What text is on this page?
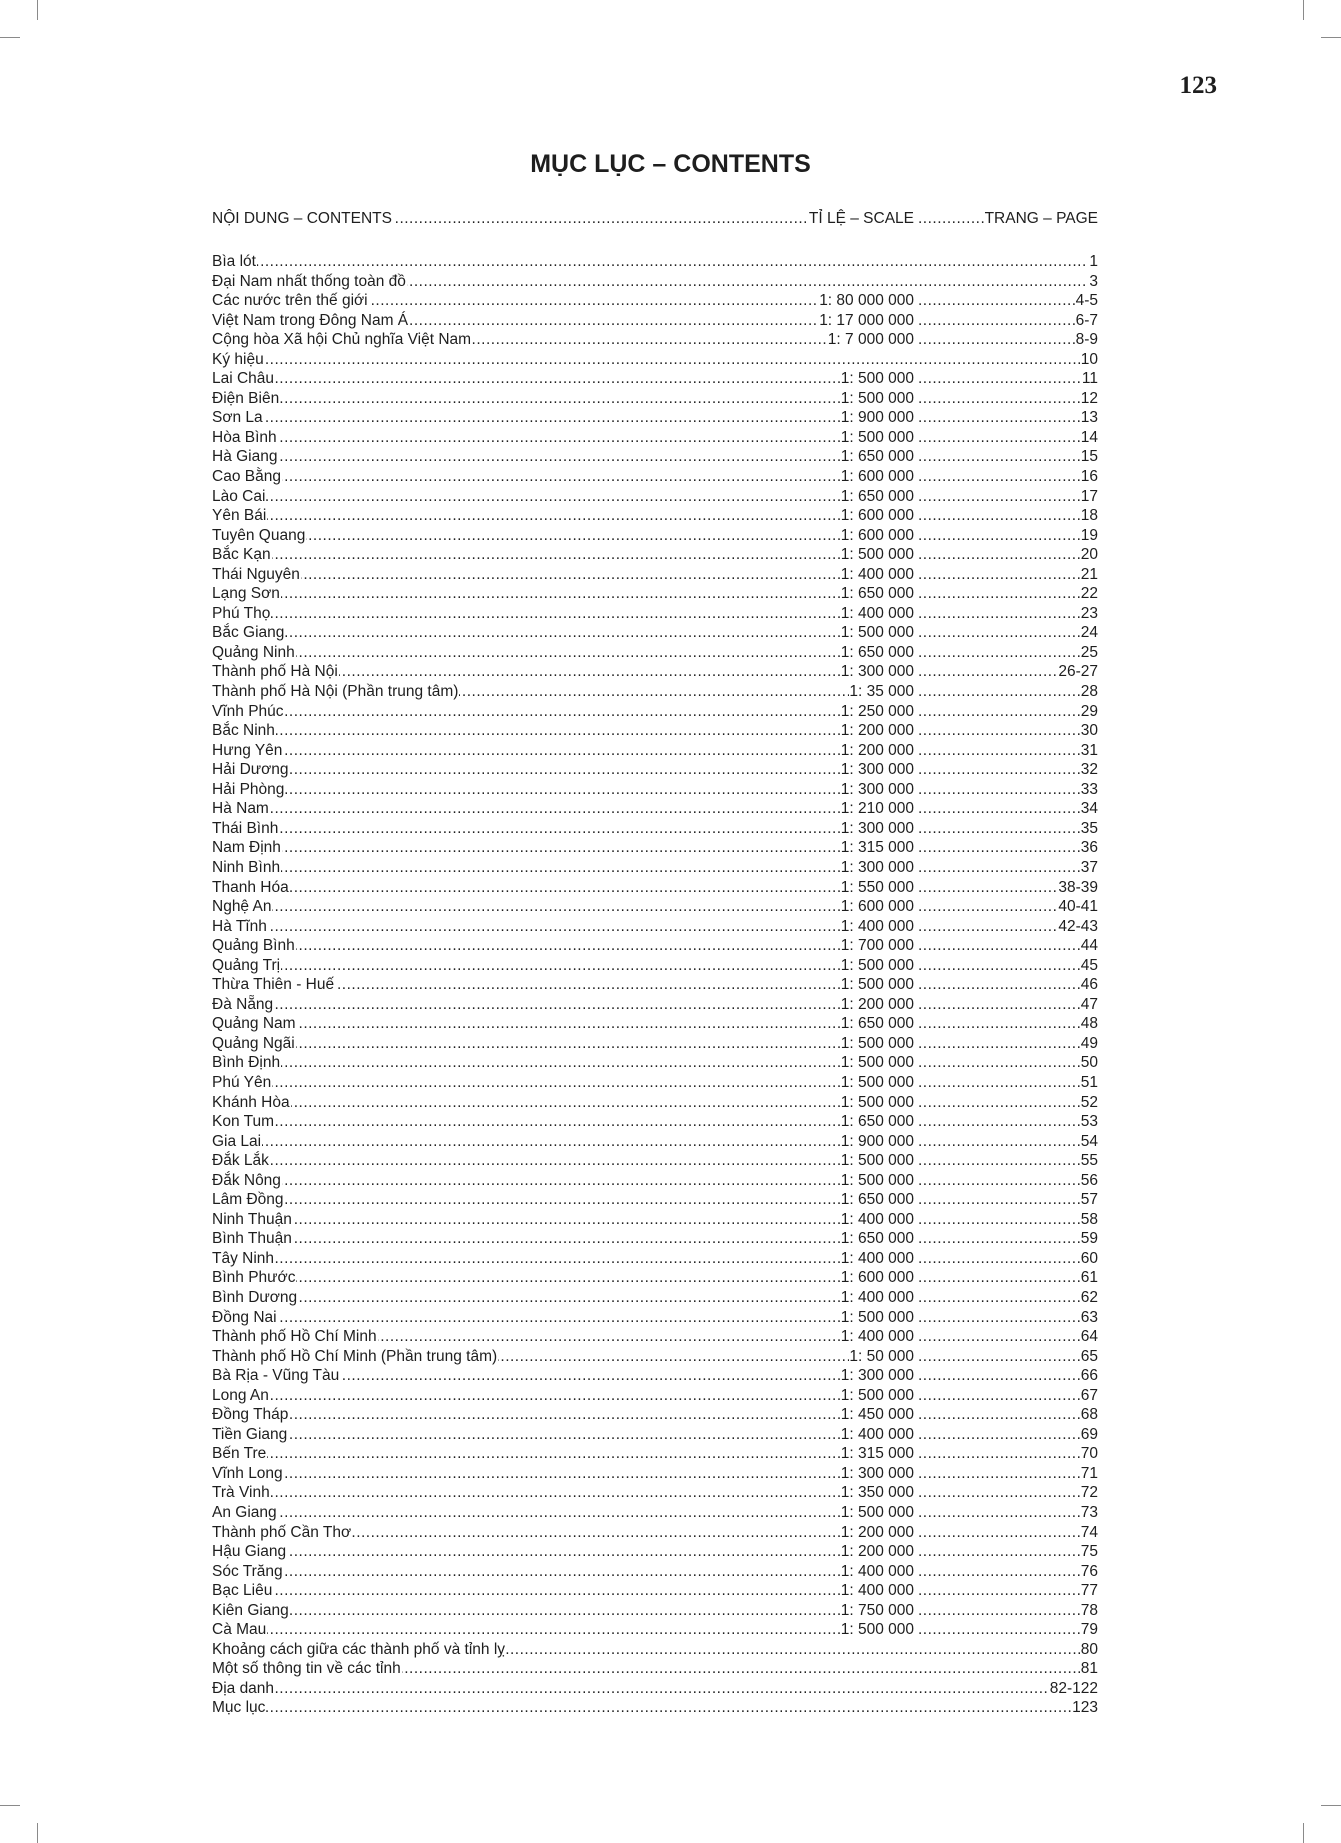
123
MỤC LỤC – CONTENTS
.....
.....
NỘI DUNG – CONTENTS	TỈ LỆ – SCALE	TRANG – PAGE
.....
Bìa lót	1
.....
Đại Nam nhất thống toàn đồ	3
.....
.....
Các nước trên thế giới	1: 80 000 000	4-5
.....
.....
Việt Nam trong Đông Nam Á	1: 17 000 000	6-7
.....
.....
Cộng hòa Xã hội Chủ nghĩa Việt Nam	1: 7 000 000	8-9
.....
Ký hiệu	10
.....
.....
Lai Châu	1: 500 000	11
.....
.....
Điện Biên	1: 500 000	12
.....
.....
Sơn La	1: 900 000	13
.....
.....
Hòa Bình	1: 500 000	14
.....
.....
Hà Giang	1: 650 000	15
.....
.....
Cao Bằng	1: 600 000	16
.....
.....
Lào Cai	1: 650 000	17
.....
.....
Yên Bái	1: 600 000	18
.....
.....
Tuyên Quang	1: 600 000	19
.....
.....
Bắc Kạn	1: 500 000	20
.....
.....
Thái Nguyên	1: 400 000	21
.....
.....
Lạng Sơn	1: 650 000	22
.....
.....
Phú Thọ	1: 400 000	23
.....
.....
Bắc Giang	1: 500 000	24
.....
.....
Quảng Ninh	1: 650 000	25
.....
.....
Thành phố Hà Nội	1: 300 000	26-27
.....
.....
Thành phố Hà Nội (Phần trung tâm)	1: 35 000	28
.....
.....
Vĩnh Phúc	1: 250 000	29
.....
.....
Bắc Ninh	1: 200 000	30
.....
.....
Hưng Yên	1: 200 000	31
.....
.....
Hải Dương	1: 300 000	32
.....
.....
Hải Phòng	1: 300 000	33
.....
.....
Hà Nam	1: 210 000	34
.....
.....
Thái Bình	1: 300 000	35
.....
.....
Nam Định	1: 315 000	36
.....
.....
Ninh Bình	1: 300 000	37
.....
.....
Thanh Hóa	1: 550 000	38-39
.....
.....
Nghệ An	1: 600 000	40-41
.....
.....
Hà Tĩnh	1: 400 000	42-43
.....
.....
Quảng Bình	1: 700 000	44
.....
.....
Quảng Trị	1: 500 000	45
.....
.....
Thừa Thiên - Huế	1: 500 000	46
.....
.....
Đà Nẵng	1: 200 000	47
.....
.....
Quảng Nam	1: 650 000	48
.....
.....
Quảng Ngãi	1: 500 000	49
.....
.....
Bình Định	1: 500 000	50
.....
.....
Phú Yên	1: 500 000	51
.....
.....
Khánh Hòa	1: 500 000	52
.....
.....
Kon Tum	1: 650 000	53
.....
.....
Gia Lai	1: 900 000	54
.....
.....
Đắk Lắk	1: 500 000	55
.....
.....
Đắk Nông	1: 500 000	56
.....
.....
Lâm Đồng	1: 650 000	57
.....
.....
Ninh Thuận	1: 400 000	58
.....
.....
Bình Thuận	1: 650 000	59
.....
.....
Tây Ninh	1: 400 000	60
.....
.....
Bình Phước	1: 600 000	61
.....
.....
Bình Dương	1: 400 000	62
.....
.....
Đồng Nai	1: 500 000	63
.....
.....
Thành phố Hồ Chí Minh	1: 400 000	64
.....
.....
Thành phố Hồ Chí Minh (Phần trung tâm)	1: 50 000	65
.....
.....
Bà Rịa - Vũng Tàu	1: 300 000	66
.....
.....
Long An	1: 500 000	67
.....
.....
Đồng Tháp	1: 450 000	68
.....
.....
Tiền Giang	1: 400 000	69
.....
.....
Bến Tre	1: 315 000	70
.....
.....
Vĩnh Long	1: 300 000	71
.....
.....
Trà Vinh	1: 350 000	72
.....
.....
An Giang	1: 500 000	73
.....
.....
Thành phố Cần Thơ	1: 200 000	74
.....
.....
Hậu Giang	1: 200 000	75
.....
.....
Sóc Trăng	1: 400 000	76
.....
.....
Bạc Liêu	1: 400 000	77
.....
.....
Kiên Giang	1: 750 000	78
.....
.....
Cà Mau	1: 500 000	79
.....
Khoảng cách giữa các thành phố và tỉnh lỵ	80
.....
Một số thông tin về các tỉnh	81
.....
Địa danh	82-122
.....
Mục lục	123
